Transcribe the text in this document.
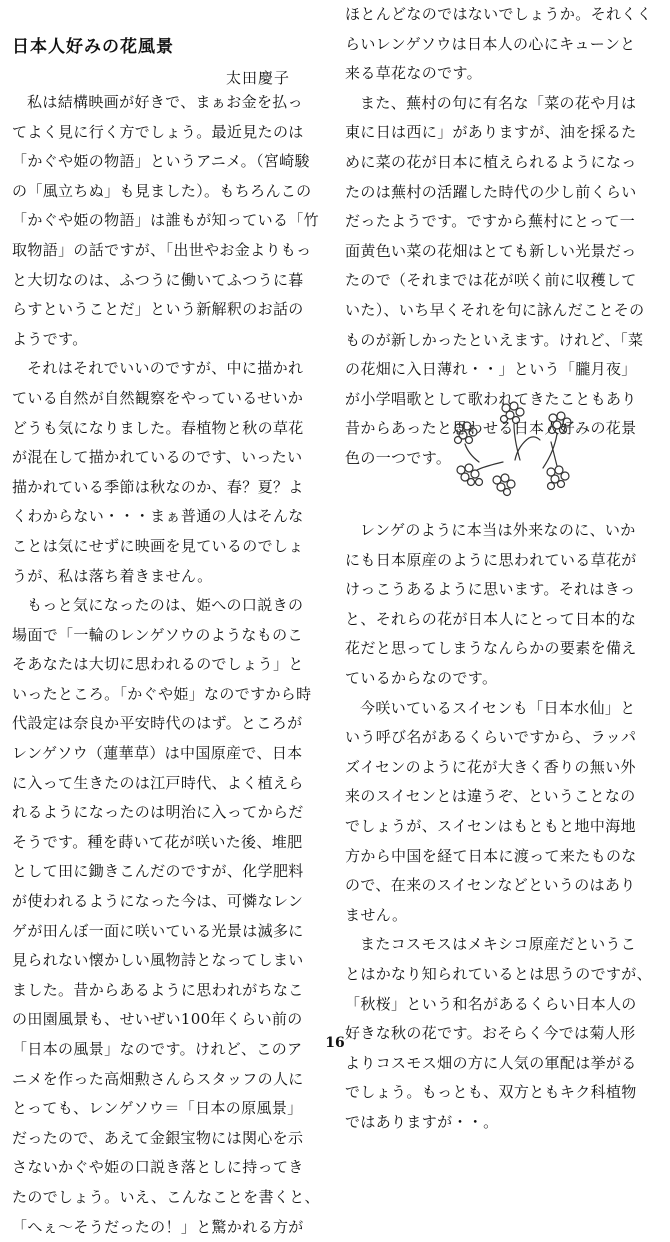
日本人好みの花風景
太田慶子
私は結構映画が好きで、まぁお金を払っ
てよく見に行く方でしょう。最近見たのは
「かぐや姫の物語」というアニメ。（宮崎駿
の「風立ちぬ」も見ました）。もちろんこの
「かぐや姫の物語」は誰もが知っている「竹
取物語」の話ですが、「出世やお金よりもっ
と大切なのは、ふつうに働いてふつうに暮
らすということだ」という新解釈のお話の
ようです。
それはそれでいいのですが、中に描かれ
ている自然が自然観察をやっているせいか
どうも気になりました。春植物と秋の草花
が混在して描かれているのです、いったい
描かれている季節は秋なのか、春？夏？よ
くわからない・・・まぁ普通の人はそんな
ことは気にせずに映画を見ているのでしょ
うが、私は落ち着きません。
もっと気になったのは、姫への口説きの
場面で「一輪のレンゲソウのようなものこ
そあなたは大切に思われるのでしょう」と
いったところ。「かぐや姫」なのですから時
代設定は奈良か平安時代のはず。ところが
レンゲソウ（蓮華草）は中国原産で、日本
に入って生きたのは江戸時代、よく植えら
れるようになったのは明治に入ってからだ
そうです。種を蒔いて花が咲いた後、堆肥
として田に鋤きこんだのですが、化学肥料
が使われるようになった今は、可憐なレン
ゲが田んぼ一面に咲いている光景は滅多に
見られない懐かしい風物詩となってしまい
ました。昔からあるように思われがちなこ
の田園風景も、せいぜい100年くらい前の
「日本の風景」なのです。けれど、このア
ニメを作った高畑勲さんらスタッフの人に
とっても、レンゲソウ＝「日本の原風景」
だったので、あえて金銀宝物には関心を示
さないかぐや姫の口説き落としに持ってき
たのでしょう。いえ、こんなことを書くと、
「へぇ～そうだったの！」と驚かれる方が
ほとんどなのではないでしょうか。それくく
らいレンゲソウは日本人の心にキューンと
来る草花なのです。
また、蕪村の句に有名な「菜の花や月は
東に日は西に」がありますが、油を採るた
めに菜の花が日本に植えられるようになっ
たのは蕪村の活躍した時代の少し前くらい
だったようです。ですから蕪村にとって一
面黄色い菜の花畑はとても新しい光景だっ
たので（それまでは花が咲く前に収穫して
いた）、いち早くそれを句に詠んだことその
ものが新しかったといえます。けれど、「菜
の花畑に入日薄れ・・」という「朧月夜」
が小学唱歌として歌われてきたこともあり
昔からあったと思わせる日本人好みの花景
色の一つです。
レンゲのように本当は外来なのに、いか
にも日本原産のように思われている草花が
けっこうあるように思います。それはきっ
と、それらの花が日本人にとって日本的な
花だと思ってしまうなんらかの要素を備え
ているからなのです。
今咲いているスイセンも「日本水仙」と
いう呼び名があるくらいですから、ラッパ
ズイセンのように花が大きく香りの無い外
来のスイセンとは違うぞ、ということなの
でしょうが、スイセンはもともと地中海地
方から中国を経て日本に渡って来たものな
ので、在来のスイセンなどというのはあり
ません。
またコスモスはメキシコ原産だというこ
とはかなり知られているとは思うのですが、
「秋桜」という和名があるくらい日本人の
好きな秋の花です。おそらく今では菊人形
よりコスモス畑の方に人気の軍配は挙がる
でしょう。もっとも、双方ともキク科植物
ではありますが・・。
16
